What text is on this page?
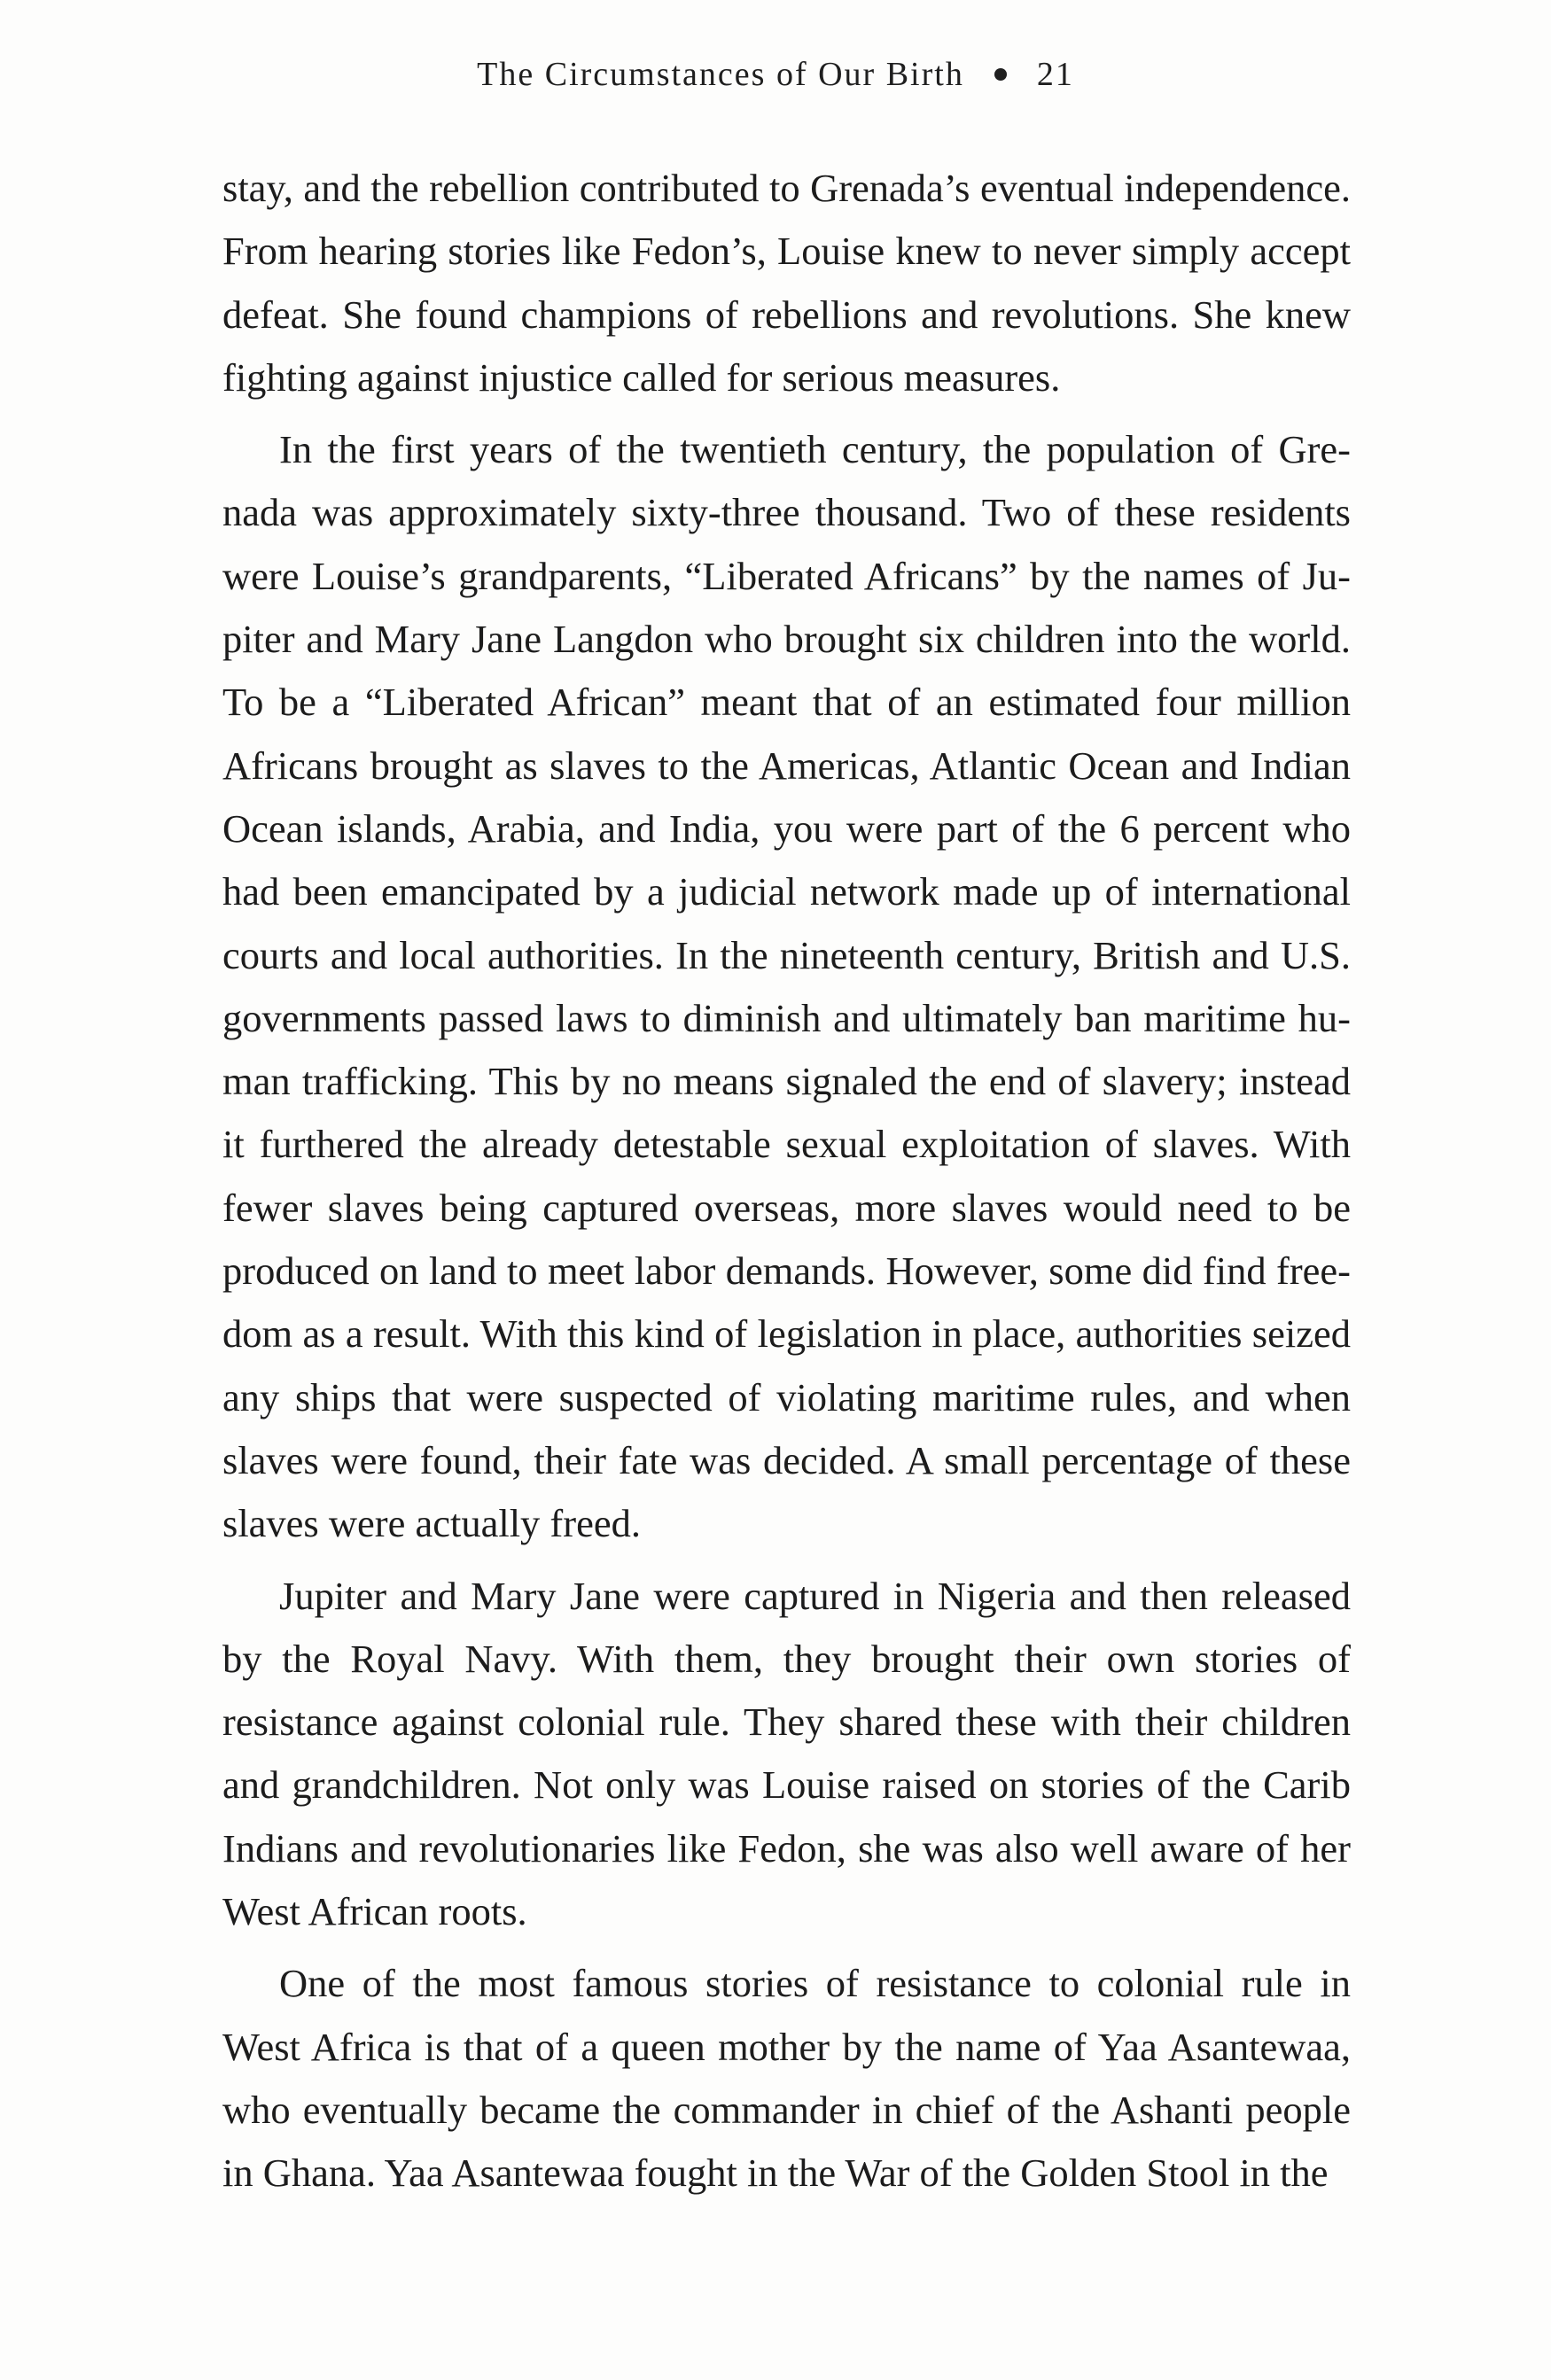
The Circumstances of Our Birth 21

stay, and the rebellion contributed to Grenada’s eventual independence. From hearing stories like Fedon’s, Louise knew to never simply accept defeat. She found champions of rebellions and revolutions. She knew fighting against injustice called for serious measures.

In the first years of the twentieth century, the population of Grenada was approximately sixty-three thousand. Two of these residents were Louise’s grandparents, “Liberated Africans” by the names of Jupiter and Mary Jane Langdon who brought six children into the world. To be a “Liberated African” meant that of an estimated four million Africans brought as slaves to the Americas, Atlantic Ocean and Indian Ocean islands, Arabia, and India, you were part of the 6 percent who had been emancipated by a judicial network made up of international courts and local authorities. In the nineteenth century, British and U.S. governments passed laws to diminish and ultimately ban maritime human trafficking. This by no means signaled the end of slavery; instead it furthered the already detestable sexual exploitation of slaves. With fewer slaves being captured overseas, more slaves would need to be produced on land to meet labor demands. However, some did find freedom as a result. With this kind of legislation in place, authorities seized any ships that were suspected of violating maritime rules, and when slaves were found, their fate was decided. A small percentage of these slaves were actually freed.

Jupiter and Mary Jane were captured in Nigeria and then released by the Royal Navy. With them, they brought their own stories of resistance against colonial rule. They shared these with their children and grandchildren. Not only was Louise raised on stories of the Carib Indians and revolutionaries like Fedon, she was also well aware of her West African roots.

One of the most famous stories of resistance to colonial rule in West Africa is that of a queen mother by the name of Yaa Asantewaa, who eventually became the commander in chief of the Ashanti people in Ghana. Yaa Asantewaa fought in the War of the Golden Stool in the
